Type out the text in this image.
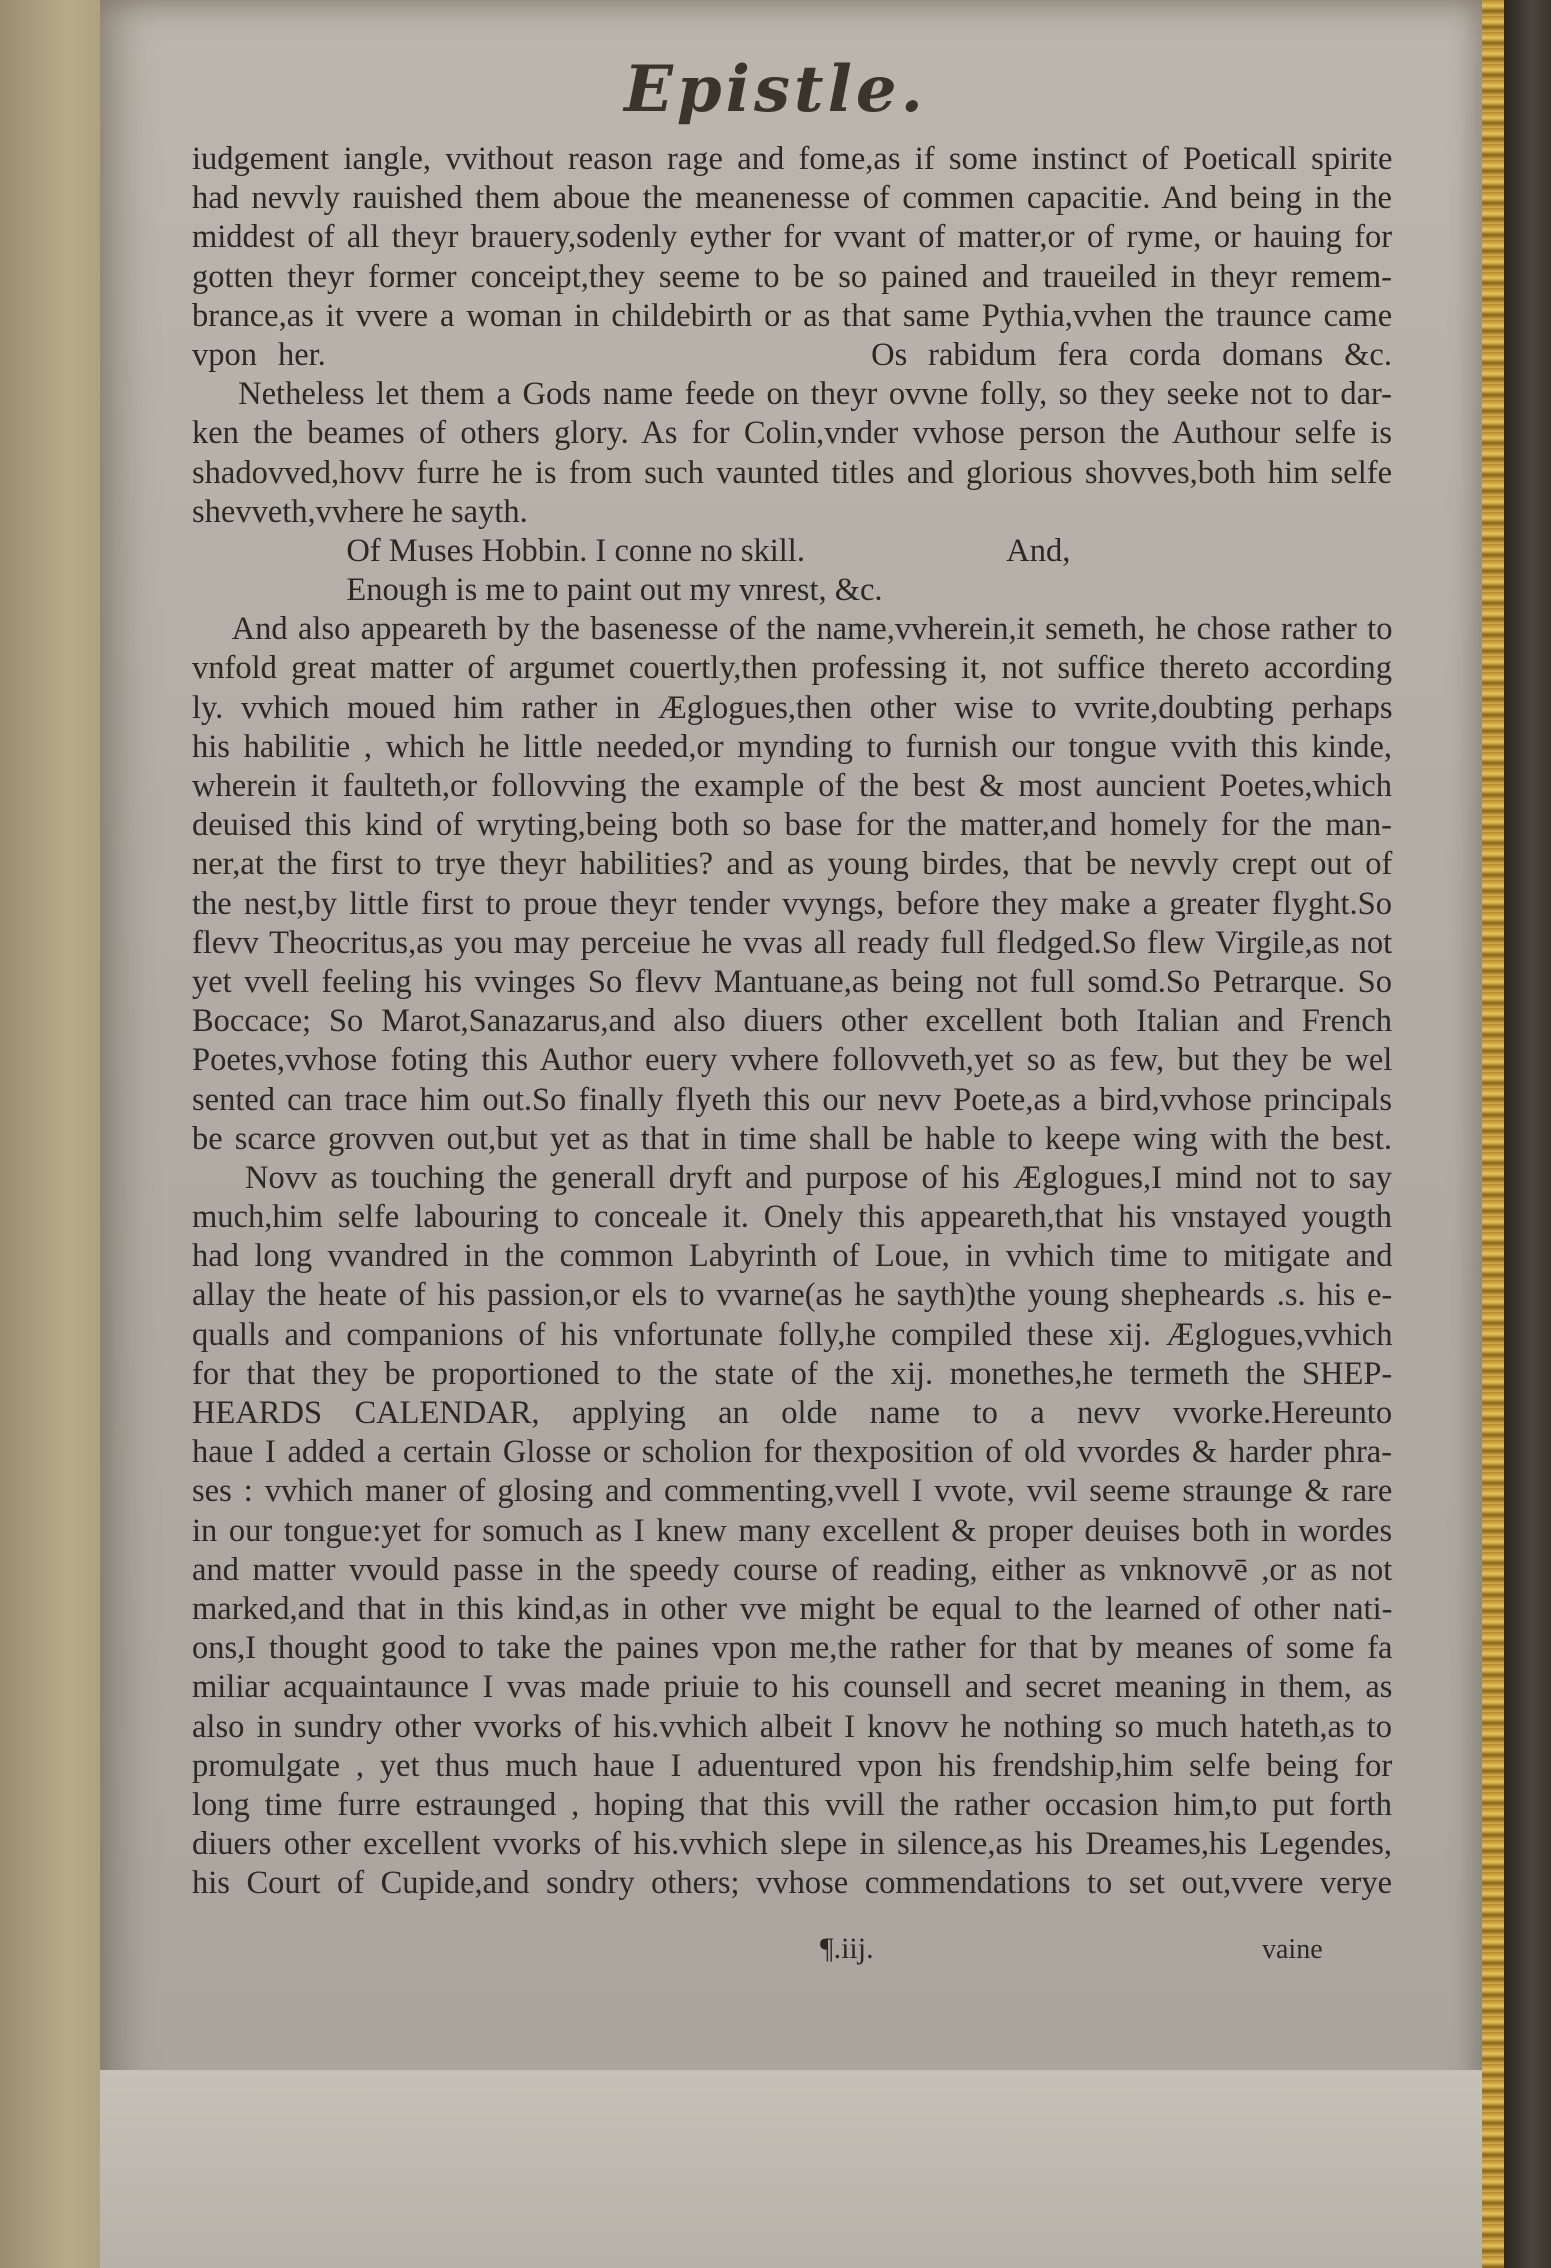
Epistle.
iudgement iangle, vvithout reason rage and fome,as if some instinct of Poeticall spirite
had nevvly rauished them aboue the meanenesse of commen capacitie. And being in the
middest of all theyr brauery,sodenly eyther for vvant of matter,or of ryme, or hauing for
gotten theyr former conceipt,they seeme to be so pained and traueiled in theyr remem-
brance,as it vvere a woman in childebirth or as that same Pythia,vvhen the traunce came
vpon her.                          Os rabidum fera corda domans &c.
Netheless let them a Gods name feede on theyr ovvne folly, so they seeke not to dar-
ken the beames of others glory. As for Colin,vnder vvhose person the Authour selfe is
shadovved,hovv furre he is from such vaunted titles and glorious shovves,both him selfe
shevveth,vvhere he sayth.
Of Muses Hobbin. I conne no skill.                         And,
Enough is me to paint out my vnrest, &c.
And also appeareth by the basenesse of the name,vvherein,it semeth, he chose rather to
vnfold great matter of argumet couertly,then professing it, not suffice thereto according
ly. vvhich moued him rather in Æglogues,then other wise to vvrite,doubting perhaps
his habilitie , which he little needed,or mynding to furnish our tongue vvith this kinde,
wherein it faulteth,or follovving the example of the best & most auncient Poetes,which
deuised this kind of wryting,being both so base for the matter,and homely for the man-
ner,at the first to trye theyr habilities? and as young birdes, that be nevvly crept out of
the nest,by little first to proue theyr tender vvyngs, before they make a greater flyght.So
flevv Theocritus,as you may perceiue he vvas all ready full fledged.So flew Virgile,as not
yet vvell feeling his vvinges So flevv Mantuane,as being not full somd.So Petrarque. So
Boccace; So Marot,Sanazarus,and also diuers other excellent both Italian and French
Poetes,vvhose foting this Author euery vvhere follovveth,yet so as few, but they be wel
sented can trace him out.So finally flyeth this our nevv Poete,as a bird,vvhose principals
be scarce grovven out,but yet as that in time shall be hable to keepe wing with the best.
Novv as touching the generall dryft and purpose of his Æglogues,I mind not to say
much,him selfe labouring to conceale it. Onely this appeareth,that his vnstayed yougth
had long vvandred in the common Labyrinth of Loue, in vvhich time to mitigate and
allay the heate of his passion,or els to vvarne(as he sayth)the young shepheards .s. his e-
qualls and companions of his vnfortunate folly,he compiled these xij. Æglogues,vvhich
for that they be proportioned to the state of the xij. monethes,he termeth the SHEP-
HEARDS CALENDAR, applying an olde name to a nevv vvorke.Hereunto
haue I added a certain Glosse or scholion for thexposition of old vvordes & harder phra-
ses : vvhich maner of glosing and commenting,vvell I vvote, vvil seeme straunge & rare
in our tongue:yet for somuch as I knew many excellent & proper deuises both in wordes
and matter vvould passe in the speedy course of reading, either as vnknovvē ,or as not
marked,and that in this kind,as in other vve might be equal to the learned of other nati-
ons,I thought good to take the paines vpon me,the rather for that by meanes of some fa
miliar acquaintaunce I vvas made priuie to his counsell and secret meaning in them, as
also in sundry other vvorks of his.vvhich albeit I knovv he nothing so much hateth,as to
promulgate , yet thus much haue I aduentured vpon his frendship,him selfe being for
long time furre estraunged , hoping that this vvill the rather occasion him,to put forth
diuers other excellent vvorks of his.vvhich slepe in silence,as his Dreames,his Legendes,
his Court of Cupide,and sondry others; vvhose commendations to set out,vvere verye
¶.iij.	vaine
